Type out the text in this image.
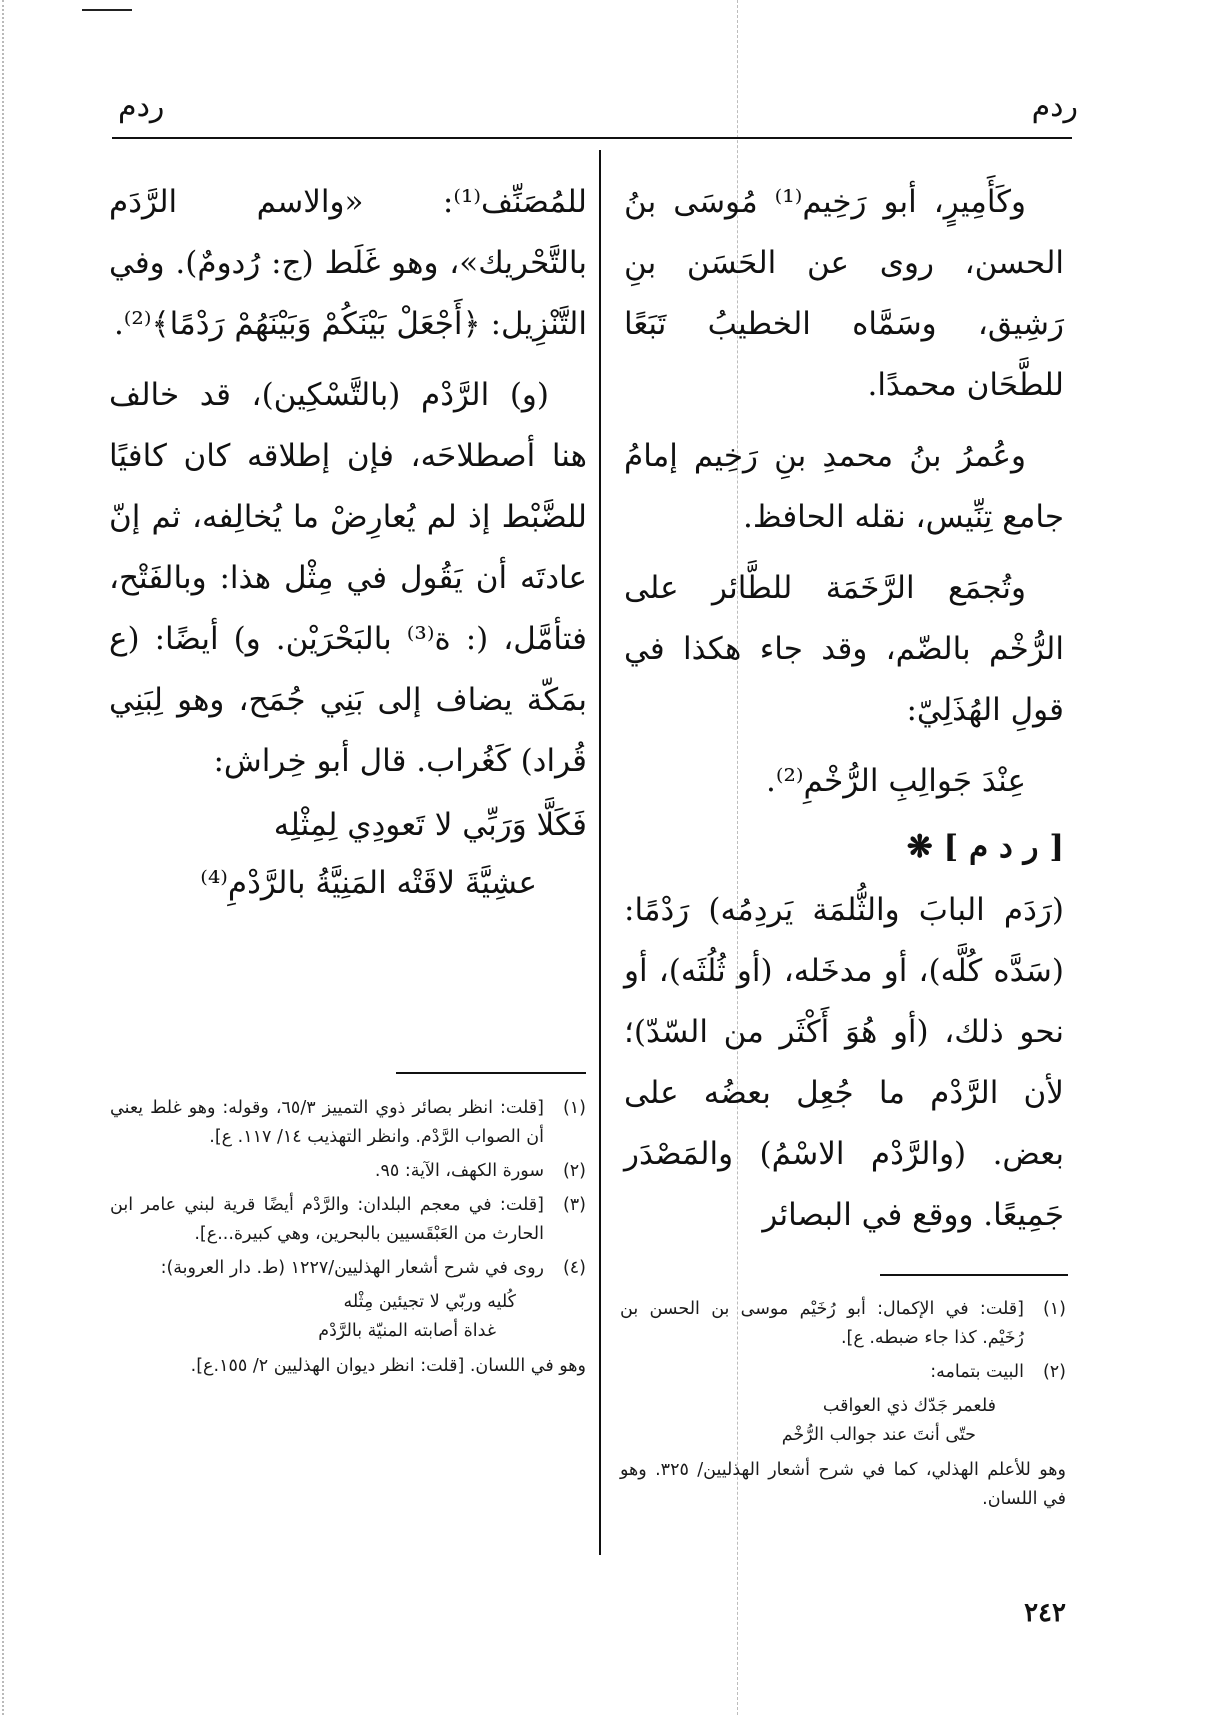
ردم
ردم

وكَأَمِيرٍ، أبو رَخِيم⁽¹⁾ مُوسَى بنُ الحسن، روى عن الحَسَن بنِ رَشِيق، وسَمَّاه الخطيبُ تَبَعًا للطَّحَان محمدًا.

وعُمرُ بنُ محمدِ بنِ رَخِيم إمامُ جامع تِنِّيس، نقله الحافظ.

وتُجمَع الرَّخَمَة للطَّائر على الرُّخْم بالضّم، وقد جاء هكذا في قولِ الهُذَلِيّ:

عِنْدَ جَوالِبِ الرُّخْمِ⁽²⁾.

[ ر د م ] ❋

(رَدَم البابَ والثُّلمَة يَردِمُه) رَدْمًا: (سَدَّه كُلَّه)، أو مدخَله، (أو ثُلُثَه)، أو نحو ذلك، (أو هُوَ أَكْثَر من السّدّ)؛ لأن الرَّدْم ما جُعِل بعضُه على بعض. (والرَّدْم الاسْمُ) والمَصْدَر جَمِيعًا. ووقع في البصائر

للمُصَنِّف⁽¹⁾: «والاسم الرَّدَم بالتَّحْريك»، وهو غَلَط (ج: رُدومٌ). وفي التَّنْزِيل: ﴿أَجْعَلْ بَيْنَكُمْ وَبَيْنَهُمْ رَدْمًا﴾⁽²⁾.

(و) الرَّدْم (بالتَّسْكِين)، قد خالف هنا أصطلاحَه، فإن إطلاقه كان كافيًا للضَّبْط إذ لم يُعارِضْ ما يُخالِفه، ثم إنّ عادتَه أن يَقُول في مِثْل هذا: وبالفَتْح، فتأمَّل، (: ة⁽³⁾ بالبَحْرَيْن. و) أيضًا: (ع بمَكّة يضاف إلى بَنِي جُمَح، وهو لِبَنِي قُراد) كَغُراب. قال أبو خِراش:

فَكَلَّا وَرَبِّي لا تَعودِي لِمِثْلِه
عشِيَّةَ لاقَتْه المَنِيَّةُ بالرَّدْمِ⁽⁴⁾
(١)
[قلت: في الإكمال: أبو رُخَيْم موسى بن الحسن بن رُخَيْم. كذا جاء ضبطه. ع].
(٢)
البيت بتمامه:
فلعمر جَدّك ذي العواقب
حتّى أنتَ عند جوالب الرُّخْم
وهو للأعلم الهذلي، كما في شرح أشعار الهذليين/ ٣٢٥. وهو في اللسان.
(١)
[قلت: انظر بصائر ذوي التمييز ٦٥/٣، وقوله: وهو غلط يعني أن الصواب الرَّدْم. وانظر التهذيب ١٤/ ١١٧. ع].
(٢)
سورة الكهف، الآية: ٩٥.
(٣)
[قلت: في معجم البلدان: والرَّدْم أيضًا قرية لبني عامر ابن الحارث من العَبْقَسيين بالبحرين، وهي كبيرة...ع].
(٤)
روى في شرح أشعار الهذليين/١٢٢٧ (ط. دار العروبة):
كُليه وربّي لا تجيئين مِثْله
غداة أصابته المنيّة بالرَّدْم
وهو في اللسان. [قلت: انظر ديوان الهذليين ٢/ ١٥٥.ع].
٢٤٢
